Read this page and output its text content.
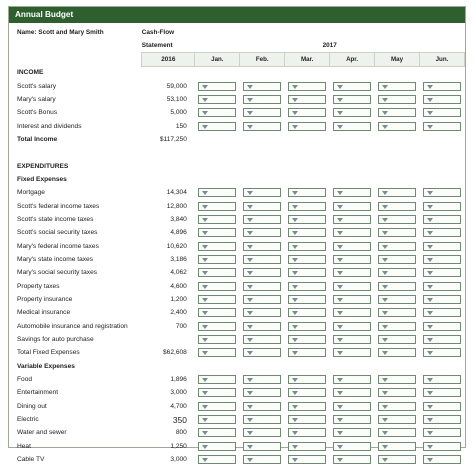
Annual Budget
Name: Scott and Mary Smith	Cash-Flow						
	Statement	2017					
	2016	Jan.	Feb.	Mar.	Apr.	May	Jun.
INCOME							
Scott's salary	59,000	

Mary's salary	53,100	

Scott's Bonus	5,000	

Interest and dividends	150	

Total Income	$117,250						

EXPENDITURES							
Fixed Expenses							
Mortgage	14,304	

Scott's federal income taxes	12,800	

Scott's state income taxes	3,840	

Scott's social security taxes	4,896	

Mary's federal income taxes	10,620	

Mary's state income taxes	3,186	

Mary's social security taxes	4,062	

Property taxes	4,600	

Property insurance	1,200	

Medical insurance	2,400	

Automobile insurance and registration	700	

Savings for auto purchase		

Total Fixed Expenses	$62,608	

Variable Expenses							
Food	1,896	

Entertainment	3,000	

Dining out	4,700	

Electric	350	

Water and sewer	800	

Heat	1,250	

Cable TV	3,000	
